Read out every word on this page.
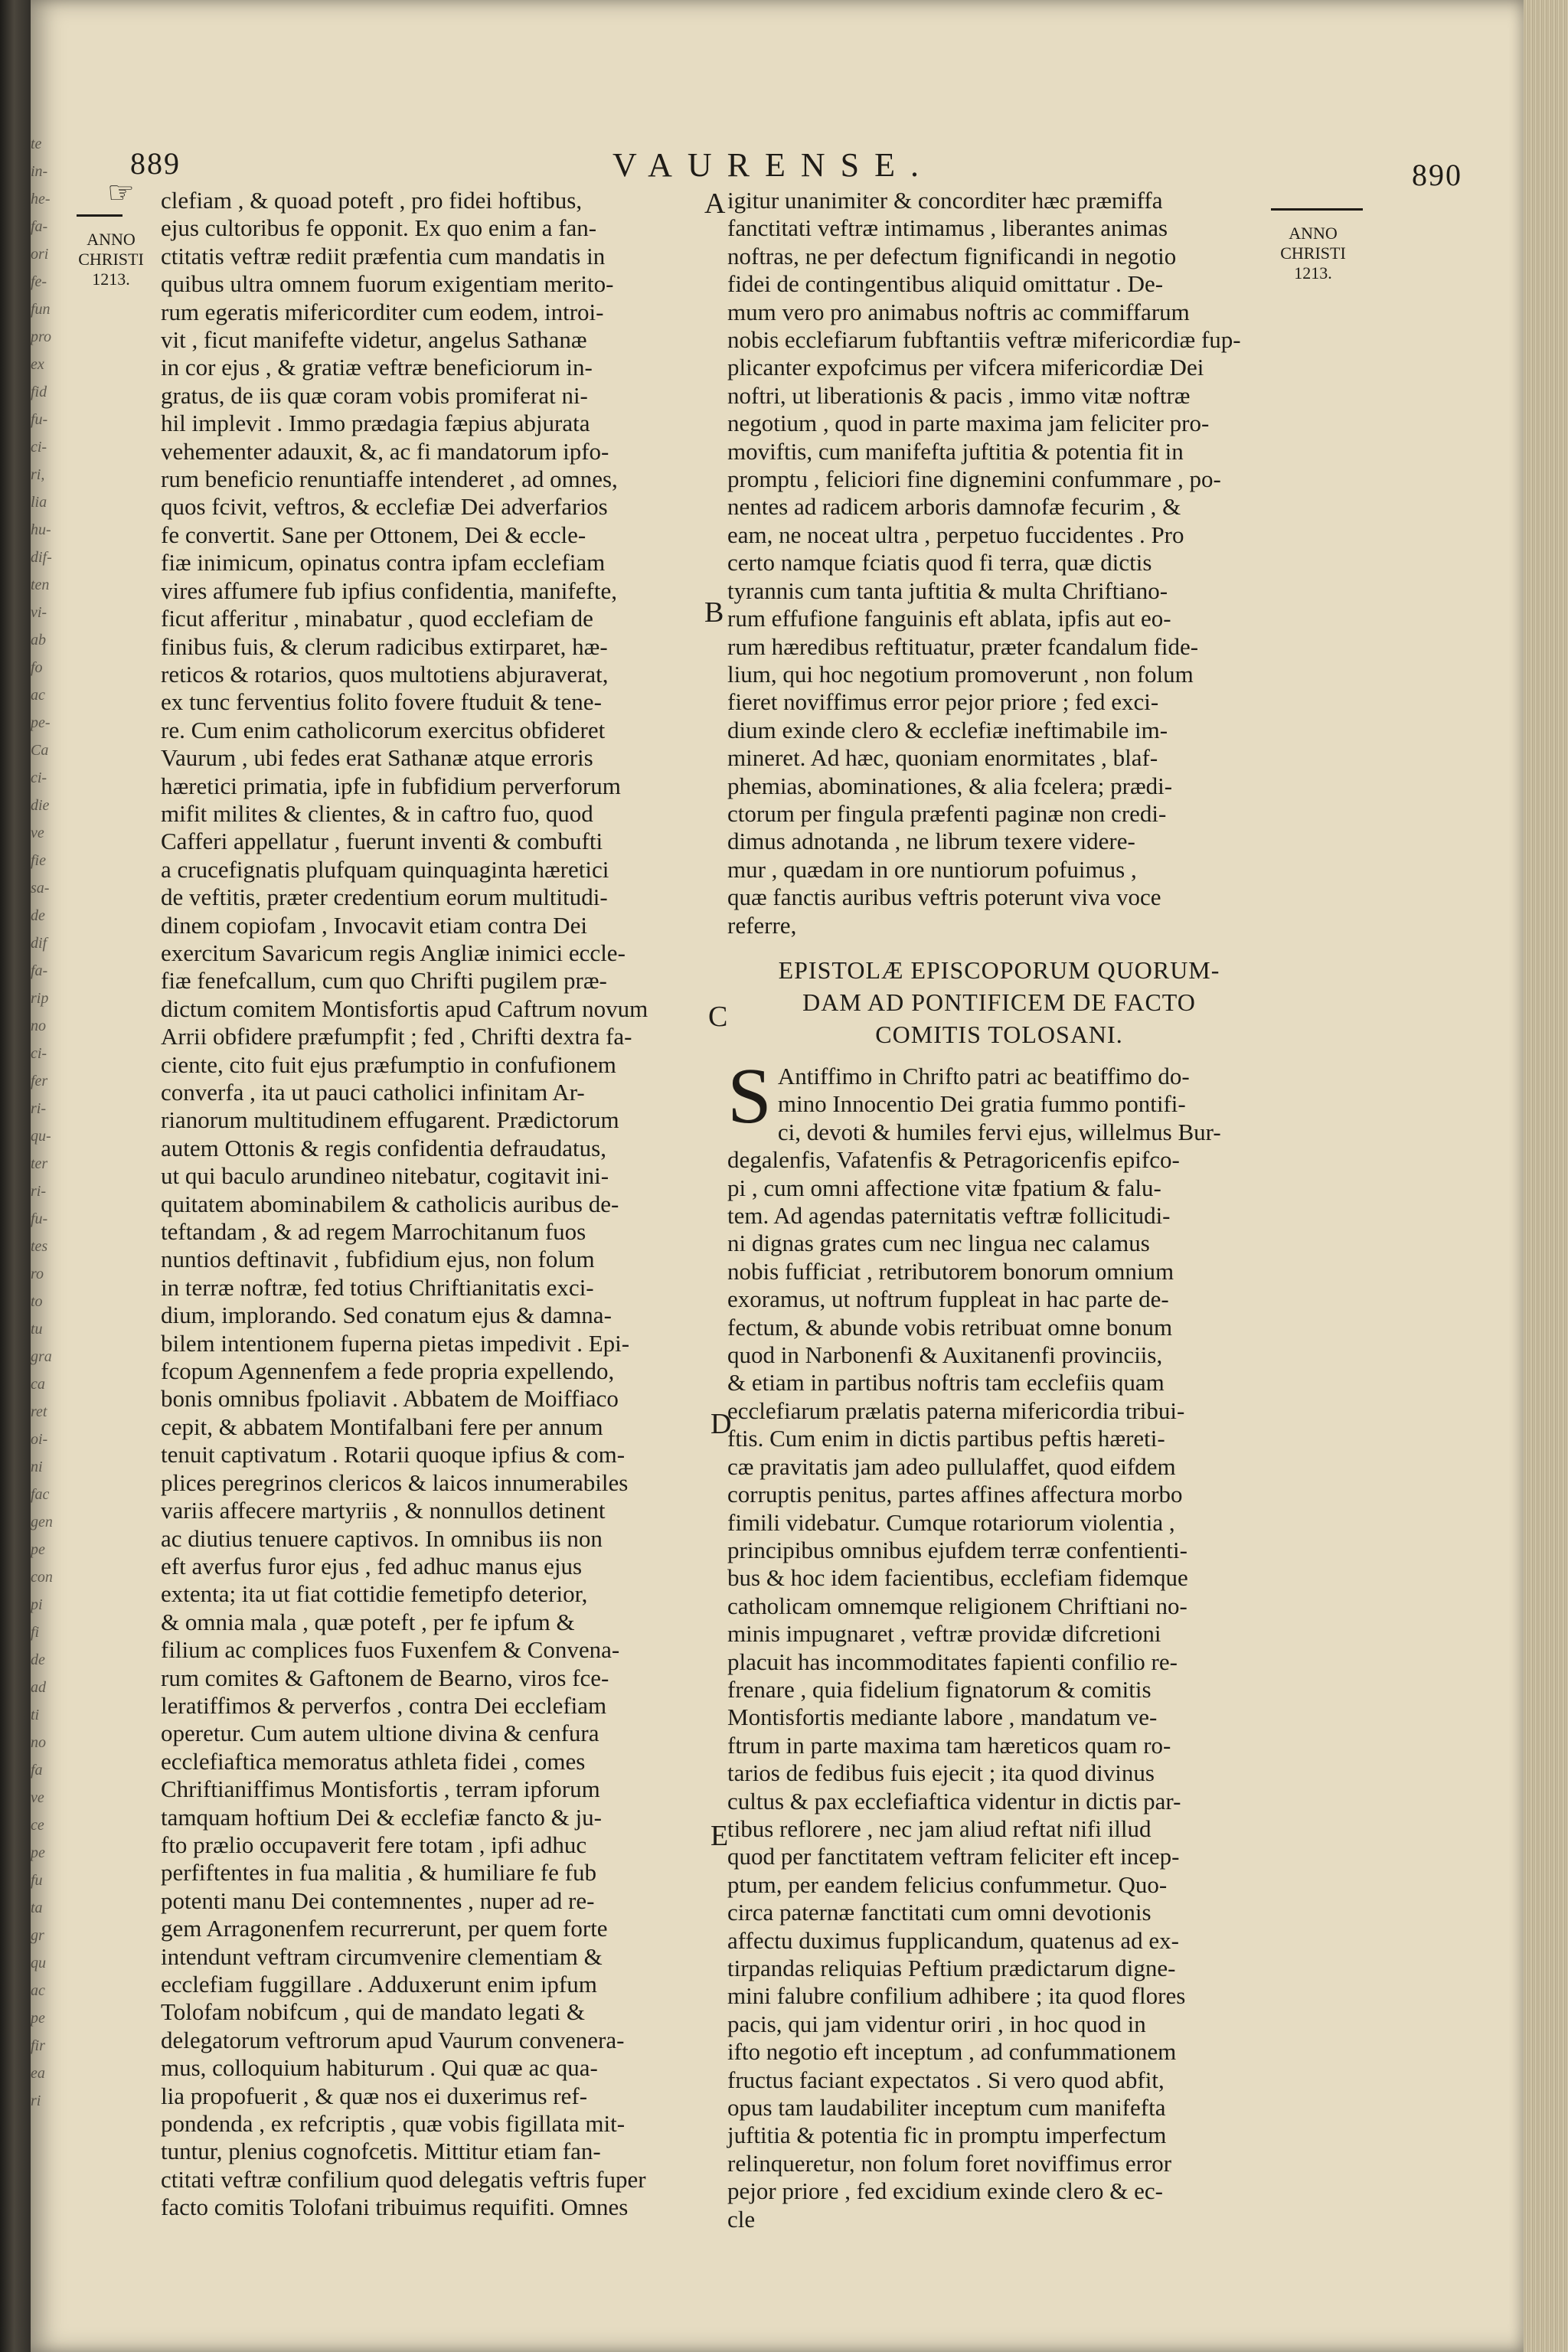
te
in-
he-
fa-
ori
fe-
fun
pro
ex
fid
fu-
ci-
ri,
lia
hu-
dif-
ten
vi-
ab
fo
ac
pe-
Ca
ci-
die
ve
fie
sa-
de
dif
fa-
rip
no
ci-
fer
ri-
qu-
ter
ri-
fu-
tes
ro
to
tu
gra
ca
ret
oi-
ni
fac
gen
pe
con
pi
fi
de
ad
ti
no
fa
ve
ce
pe
fu
ta
gr
qu
ac
pe
fir
ea
ri
889	VAURENSE.	890
☞
ANNO
CHRISTI
1213.
ANNO
CHRISTI
1213.
A
B
C
D
E

clefiam , & quoad poteft , pro fidei hoftibus,

ejus cultoribus fe opponit. Ex quo enim a fan-

ctitatis veftræ rediit præfentia cum mandatis in

quibus ultra omnem fuorum exigentiam merito-

rum egeratis mifericorditer cum eodem, introi-

vit , ficut manifefte videtur, angelus Sathanæ

in cor ejus , & gratiæ veftræ beneficiorum in-

gratus, de iis quæ coram vobis promiferat ni-

hil implevit . Immo prædagia fæpius abjurata

vehementer adauxit, &, ac fi mandatorum ipfo-

rum beneficio renuntiaffe intenderet , ad omnes,

quos fcivit, veftros, & ecclefiæ Dei adverfarios

fe convertit. Sane per Ottonem, Dei & eccle-

fiæ inimicum, opinatus contra ipfam ecclefiam

vires affumere fub ipfius confidentia, manifefte,

ficut afferitur , minabatur , quod ecclefiam de

finibus fuis, & clerum radicibus extirparet, hæ-

reticos & rotarios, quos multotiens abjuraverat,

ex tunc ferventius folito fovere ftuduit & tene-

re. Cum enim catholicorum exercitus obfideret

Vaurum , ubi fedes erat Sathanæ atque erroris

hæretici primatia, ipfe in fubfidium perverforum

mifit milites & clientes, & in caftro fuo, quod

Cafferi appellatur , fuerunt inventi & combufti

a crucefignatis plufquam quinquaginta hæretici

de veftitis, præter credentium eorum multitudi-

dinem copiofam , Invocavit etiam contra Dei

exercitum Savaricum regis Angliæ inimici eccle-

fiæ fenefcallum, cum quo Chrifti pugilem præ-

dictum comitem Montisfortis apud Caftrum novum

Arrii obfidere præfumpfit ; fed , Chrifti dextra fa-

ciente, cito fuit ejus præfumptio in confufionem

converfa , ita ut pauci catholici infinitam Ar-

rianorum multitudinem effugarent. Prædictorum

autem Ottonis & regis confidentia defraudatus,

ut qui baculo arundineo nitebatur, cogitavit ini-

quitatem abominabilem & catholicis auribus de-

teftandam , & ad regem Marrochitanum fuos

nuntios deftinavit , fubfidium ejus, non folum

in terræ noftræ, fed totius Chriftianitatis exci-

dium, implorando. Sed conatum ejus & damna-

bilem intentionem fuperna pietas impedivit . Epi-

fcopum Agennenfem a fede propria expellendo,

bonis omnibus fpoliavit . Abbatem de Moiffiaco

cepit, & abbatem Montifalbani fere per annum

tenuit captivatum . Rotarii quoque ipfius & com-

plices peregrinos clericos & laicos innumerabiles

variis affecere martyriis , & nonnullos detinent

ac diutius tenuere captivos. In omnibus iis non

eft averfus furor ejus , fed adhuc manus ejus

extenta; ita ut fiat cottidie femetipfo deterior,

& omnia mala , quæ poteft , per fe ipfum &

filium ac complices fuos Fuxenfem & Convena-

rum comites & Gaftonem de Bearno, viros fce-

leratiffimos & perverfos , contra Dei ecclefiam

operetur. Cum autem ultione divina & cenfura

ecclefiaftica memoratus athleta fidei , comes

Chriftianiffimus Montisfortis , terram ipforum

tamquam hoftium Dei & ecclefiæ fancto & ju-

fto prælio occupaverit fere totam , ipfi adhuc

perfiftentes in fua malitia , & humiliare fe fub

potenti manu Dei contemnentes , nuper ad re-

gem Arragonenfem recurrerunt, per quem forte

intendunt veftram circumvenire clementiam &

ecclefiam fuggillare . Adduxerunt enim ipfum

Tolofam nobifcum , qui de mandato legati &

delegatorum veftrorum apud Vaurum convenera-

mus, colloquium habiturum . Qui quæ ac qua-

lia propofuerit , & quæ nos ei duxerimus ref-

pondenda , ex refcriptis , quæ vobis figillata mit-

tuntur, plenius cognofcetis. Mittitur etiam fan-

ctitati veftræ confilium quod delegatis veftris fuper

facto comitis Tolofani tribuimus requifiti. Omnes

igitur unanimiter & concorditer hæc præmiffa

fanctitati veftræ intimamus , liberantes animas

noftras, ne per defectum fignificandi in negotio

fidei de contingentibus aliquid omittatur . De-

mum vero pro animabus noftris ac commiffarum

nobis ecclefiarum fubftantiis veftræ mifericordiæ fup-

plicanter expofcimus per vifcera mifericordiæ Dei

noftri, ut liberationis & pacis , immo vitæ noftræ

negotium , quod in parte maxima jam feliciter pro-

moviftis, cum manifefta juftitia & potentia fit in

promptu , feliciori fine dignemini confummare , po-

nentes ad radicem arboris damnofæ fecurim , &

eam, ne noceat ultra , perpetuo fuccidentes . Pro

certo namque fciatis quod fi terra, quæ dictis

tyrannis cum tanta juftitia & multa Chriftiano-

rum effufione fanguinis eft ablata, ipfis aut eo-

rum hæredibus reftituatur, præter fcandalum fide-

lium, qui hoc negotium promoverunt , non folum

fieret noviffimus error pejor priore ; fed exci-

dium exinde clero & ecclefiæ ineftimabile im-

mineret. Ad hæc, quoniam enormitates , blaf-

phemias, abominationes, & alia fcelera; prædi-

ctorum per fingula præfenti paginæ non credi-

dimus adnotanda , ne librum texere videre-

mur , quædam in ore nuntiorum pofuimus ,

quæ fanctis auribus veftris poterunt viva voce

referre,

EPISTOLÆ EPISCOPORUM QUORUM-
DAM AD PONTIFICEM DE FACTO
COMITIS TOLOSANI.
S Antiffimo in Chrifto patri ac beatiffimo do-

mino Innocentio Dei gratia fummo pontifi-

ci, devoti & humiles fervi ejus, willelmus Bur-

degalenfis, Vafatenfis & Petragoricenfis epifco-

pi , cum omni affectione vitæ fpatium & falu-

tem. Ad agendas paternitatis veftræ follicitudi-

ni dignas grates cum nec lingua nec calamus

nobis fufficiat , retributorem bonorum omnium

exoramus, ut noftrum fuppleat in hac parte de-

fectum, & abunde vobis retribuat omne bonum

quod in Narbonenfi & Auxitanenfi provinciis,

& etiam in partibus noftris tam ecclefiis quam

ecclefiarum prælatis paterna mifericordia tribui-

ftis. Cum enim in dictis partibus peftis hæreti-

cæ pravitatis jam adeo pullulaffet, quod eifdem

corruptis penitus, partes affines affectura morbo

fimili videbatur. Cumque rotariorum violentia ,

principibus omnibus ejufdem terræ confentienti-

bus & hoc idem facientibus, ecclefiam fidemque

catholicam omnemque religionem Chriftiani no-

minis impugnaret , veftræ providæ difcretioni

placuit has incommoditates fapienti confilio re-

frenare , quia fidelium fignatorum & comitis

Montisfortis mediante labore , mandatum ve-

ftrum in parte maxima tam hæreticos quam ro-

tarios de fedibus fuis ejecit ; ita quod divinus

cultus & pax ecclefiaftica videntur in dictis par-

tibus reflorere , nec jam aliud reftat nifi illud

quod per fanctitatem veftram feliciter eft incep-

ptum, per eandem felicius confummetur. Quo-

circa paternæ fanctitati cum omni devotionis

affectu duximus fupplicandum, quatenus ad ex-

tirpandas reliquias Peftium prædictarum digne-

mini falubre confilium adhibere ; ita quod flores

pacis, qui jam videntur oriri , in hoc quod in

ifto negotio eft inceptum , ad confummationem

fructus faciant expectatos . Si vero quod abfit,

opus tam laudabiliter inceptum cum manifefta

juftitia & potentia fic in promptu imperfectum

relinqueretur, non folum foret noviffimus error

pejor priore , fed excidium exinde clero & ec-

cle
